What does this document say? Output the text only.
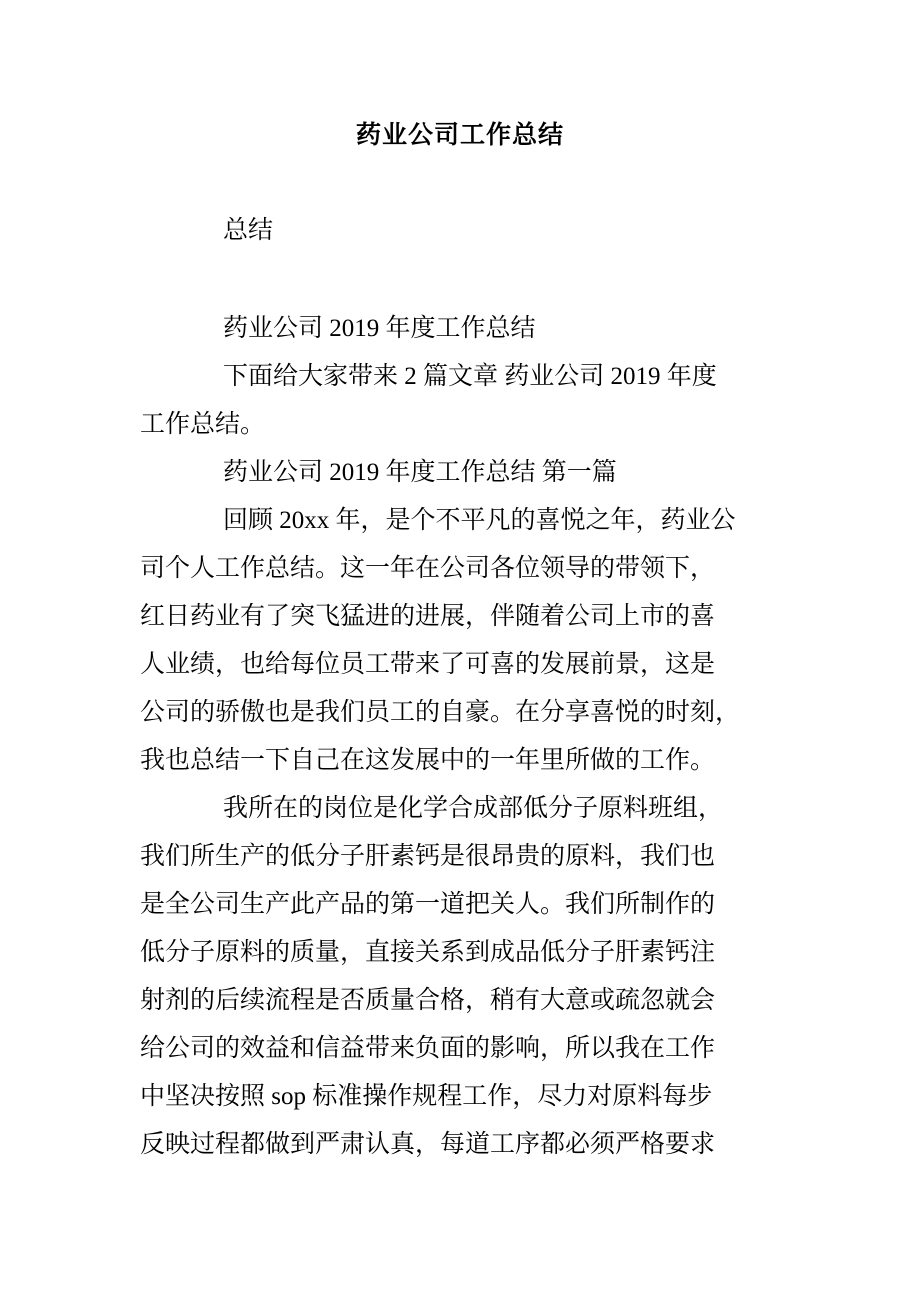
药业公司工作总结
总结
药业公司 2019 年度工作总结
下面给大家带来 2 篇文章 药业公司 2019 年度
工作总结。
药业公司 2019 年度工作总结 第一篇
回顾 20xx 年，是个不平凡的喜悦之年，药业公
司个人工作总结。这一年在公司各位领导的带领下，
红日药业有了突飞猛进的进展，伴随着公司上市的喜
人业绩，也给每位员工带来了可喜的发展前景，这是
公司的骄傲也是我们员工的自豪。在分享喜悦的时刻，
我也总结一下自己在这发展中的一年里所做的工作。
我所在的岗位是化学合成部低分子原料班组，
我们所生产的低分子肝素钙是很昂贵的原料，我们也
是全公司生产此产品的第一道把关人。我们所制作的
低分子原料的质量，直接关系到成品低分子肝素钙注
射剂的后续流程是否质量合格，稍有大意或疏忽就会
给公司的效益和信益带来负面的影响，所以我在工作
中坚决按照 sop 标准操作规程工作，尽力对原料每步
反映过程都做到严肃认真，每道工序都必须严格要求
